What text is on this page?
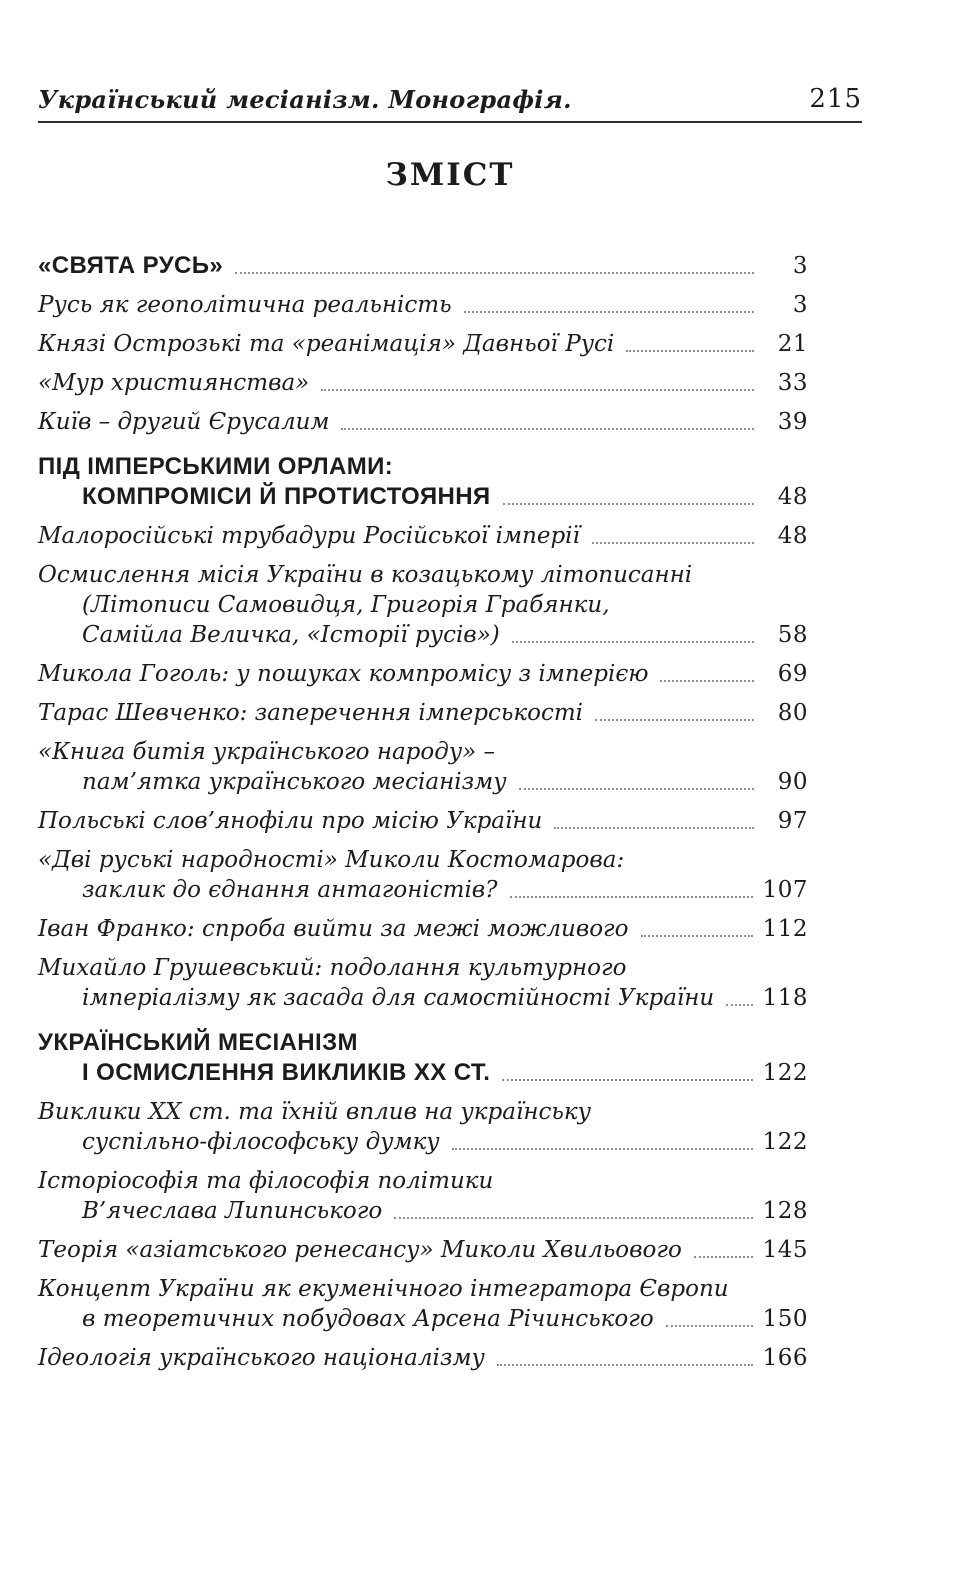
Український месіанізм. Монографія.	215
ЗМІСТ
«СВЯТА РУСЬ»	3
Русь як геополітична реальність	3
Князі Острозькі та «реанімація» Давньої Русі	21
«Мур християнства»	33
Київ – другий Єрусалим	39
ПІД ІМПЕРСЬКИМИ ОРЛАМИ:
КОМПРОМІСИ Й ПРОТИСТОЯННЯ	48
Малоросійські трубадури Російської імперії	48
Осмислення місія України в козацькому літописанні
(Літописи Самовидця, Григорія Грабянки,
Самійла Величка, «Історії русів»)	58
Микола Гоголь: у пошуках компромісу з імперією	69
Тарас Шевченко: заперечення імперськості	80
«Книга битія українського народу» –
пам’ятка українського месіанізму	90
Польські слов’янофіли про місію України	97
«Дві руські народності» Миколи Костомарова:
заклик до єднання антагоністів?	107
Іван Франко: спроба вийти за межі можливого	112
Михайло Грушевський: подолання культурного
імперіалізму як засада для самостійності України 118
УКРАЇНСЬКИЙ МЕСІАНІЗМ
І ОСМИСЛЕННЯ ВИКЛИКІВ ХХ СТ.	122
Виклики ХХ ст. та їхній вплив на українську
суспільно-філософську думку	122
Історіософія та філософія політики
В’ячеслава Липинського	128
Теорія «азіатського ренесансу» Миколи Хвильового	145
Концепт України як екуменічного інтегратора Європи
в теоретичних побудовах Арсена Річинського	150
Ідеологія українського націоналізму	166
